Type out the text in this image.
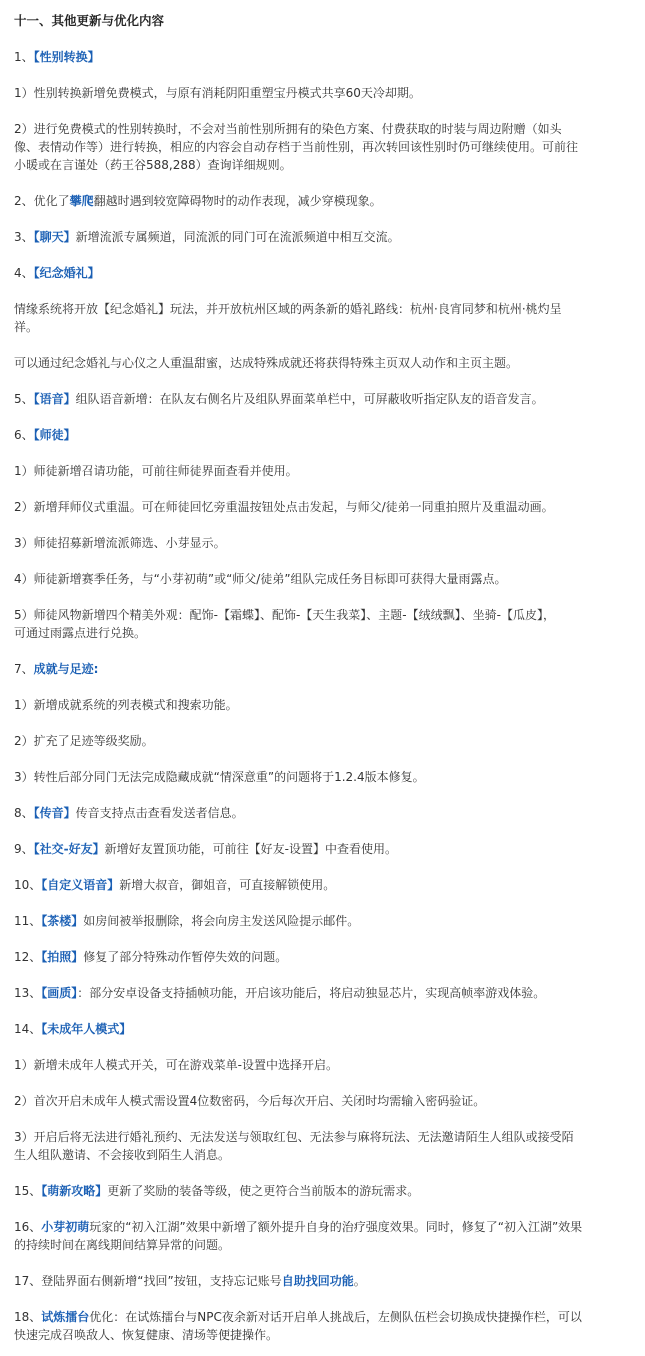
十一、其他更新与优化内容
1、【性别转换】
1）性别转换新增免费模式，与原有消耗阴阳重塑宝丹模式共享60天冷却期。
2）进行免费模式的性别转换时，不会对当前性别所拥有的染色方案、付费获取的时装与周边附赠（如头
像、表情动作等）进行转换，相应的内容会自动存档于当前性别，再次转回该性别时仍可继续使用。可前往
小暖或在言谨处（药王谷588,288）查询详细规则。
2、优化了攀爬翻越时遇到较宽障碍物时的动作表现，减少穿模现象。
3、【聊天】新增流派专属频道，同流派的同门可在流派频道中相互交流。
4、【纪念婚礼】
情缘系统将开放【纪念婚礼】玩法，并开放杭州区域的两条新的婚礼路线：杭州·良宵同梦和杭州·桃灼呈
祥。
可以通过纪念婚礼与心仪之人重温甜蜜，达成特殊成就还将获得特殊主页双人动作和主页主题。
5、【语音】组队语音新增：在队友右侧名片及组队界面菜单栏中，可屏蔽收听指定队友的语音发言。
6、【师徒】
1）师徒新增召请功能，可前往师徒界面查看并使用。
2）新增拜师仪式重温。可在师徒回忆旁重温按钮处点击发起，与师父/徒弟一同重拍照片及重温动画。
3）师徒招募新增流派筛选、小芽显示。
4）师徒新增赛季任务，与“小芽初萌”或“师父/徒弟”组队完成任务目标即可获得大量雨露点。
5）师徒风物新增四个精美外观：配饰-【霜蝶】、配饰-【天生我菜】、主题-【绒绒飘】、坐骑-【瓜皮】，
可通过雨露点进行兑换。
7、成就与足迹:
1）新增成就系统的列表模式和搜索功能。
2）扩充了足迹等级奖励。
3）转性后部分同门无法完成隐藏成就“情深意重”的问题将于1.2.4版本修复。
8、【传音】传音支持点击查看发送者信息。
9、【社交-好友】新增好友置顶功能，可前往【好友-设置】中查看使用。
10、【自定义语音】新增大叔音，御姐音，可直接解锁使用。
11、【茶楼】如房间被举报删除，将会向房主发送风险提示邮件。
12、【拍照】修复了部分特殊动作暂停失效的问题。
13、【画质】：部分安卓设备支持插帧功能，开启该功能后，将启动独显芯片，实现高帧率游戏体验。
14、【未成年人模式】
1）新增未成年人模式开关，可在游戏菜单-设置中选择开启。
2）首次开启未成年人模式需设置4位数密码，今后每次开启、关闭时均需输入密码验证。
3）开启后将无法进行婚礼预约、无法发送与领取红包、无法参与麻将玩法、无法邀请陌生人组队或接受陌
生人组队邀请、不会接收到陌生人消息。
15、【萌新攻略】更新了奖励的装备等级，使之更符合当前版本的游玩需求。
16、小芽初萌玩家的“初入江湖”效果中新增了额外提升自身的治疗强度效果。同时，修复了“初入江湖”效果
的持续时间在离线期间结算异常的问题。
17、登陆界面右侧新增“找回”按钮，支持忘记账号自助找回功能。
18、试炼擂台优化：在试炼擂台与NPC夜余新对话开启单人挑战后，左侧队伍栏会切换成快捷操作栏，可以
快速完成召唤敌人、恢复健康、清场等便捷操作。
